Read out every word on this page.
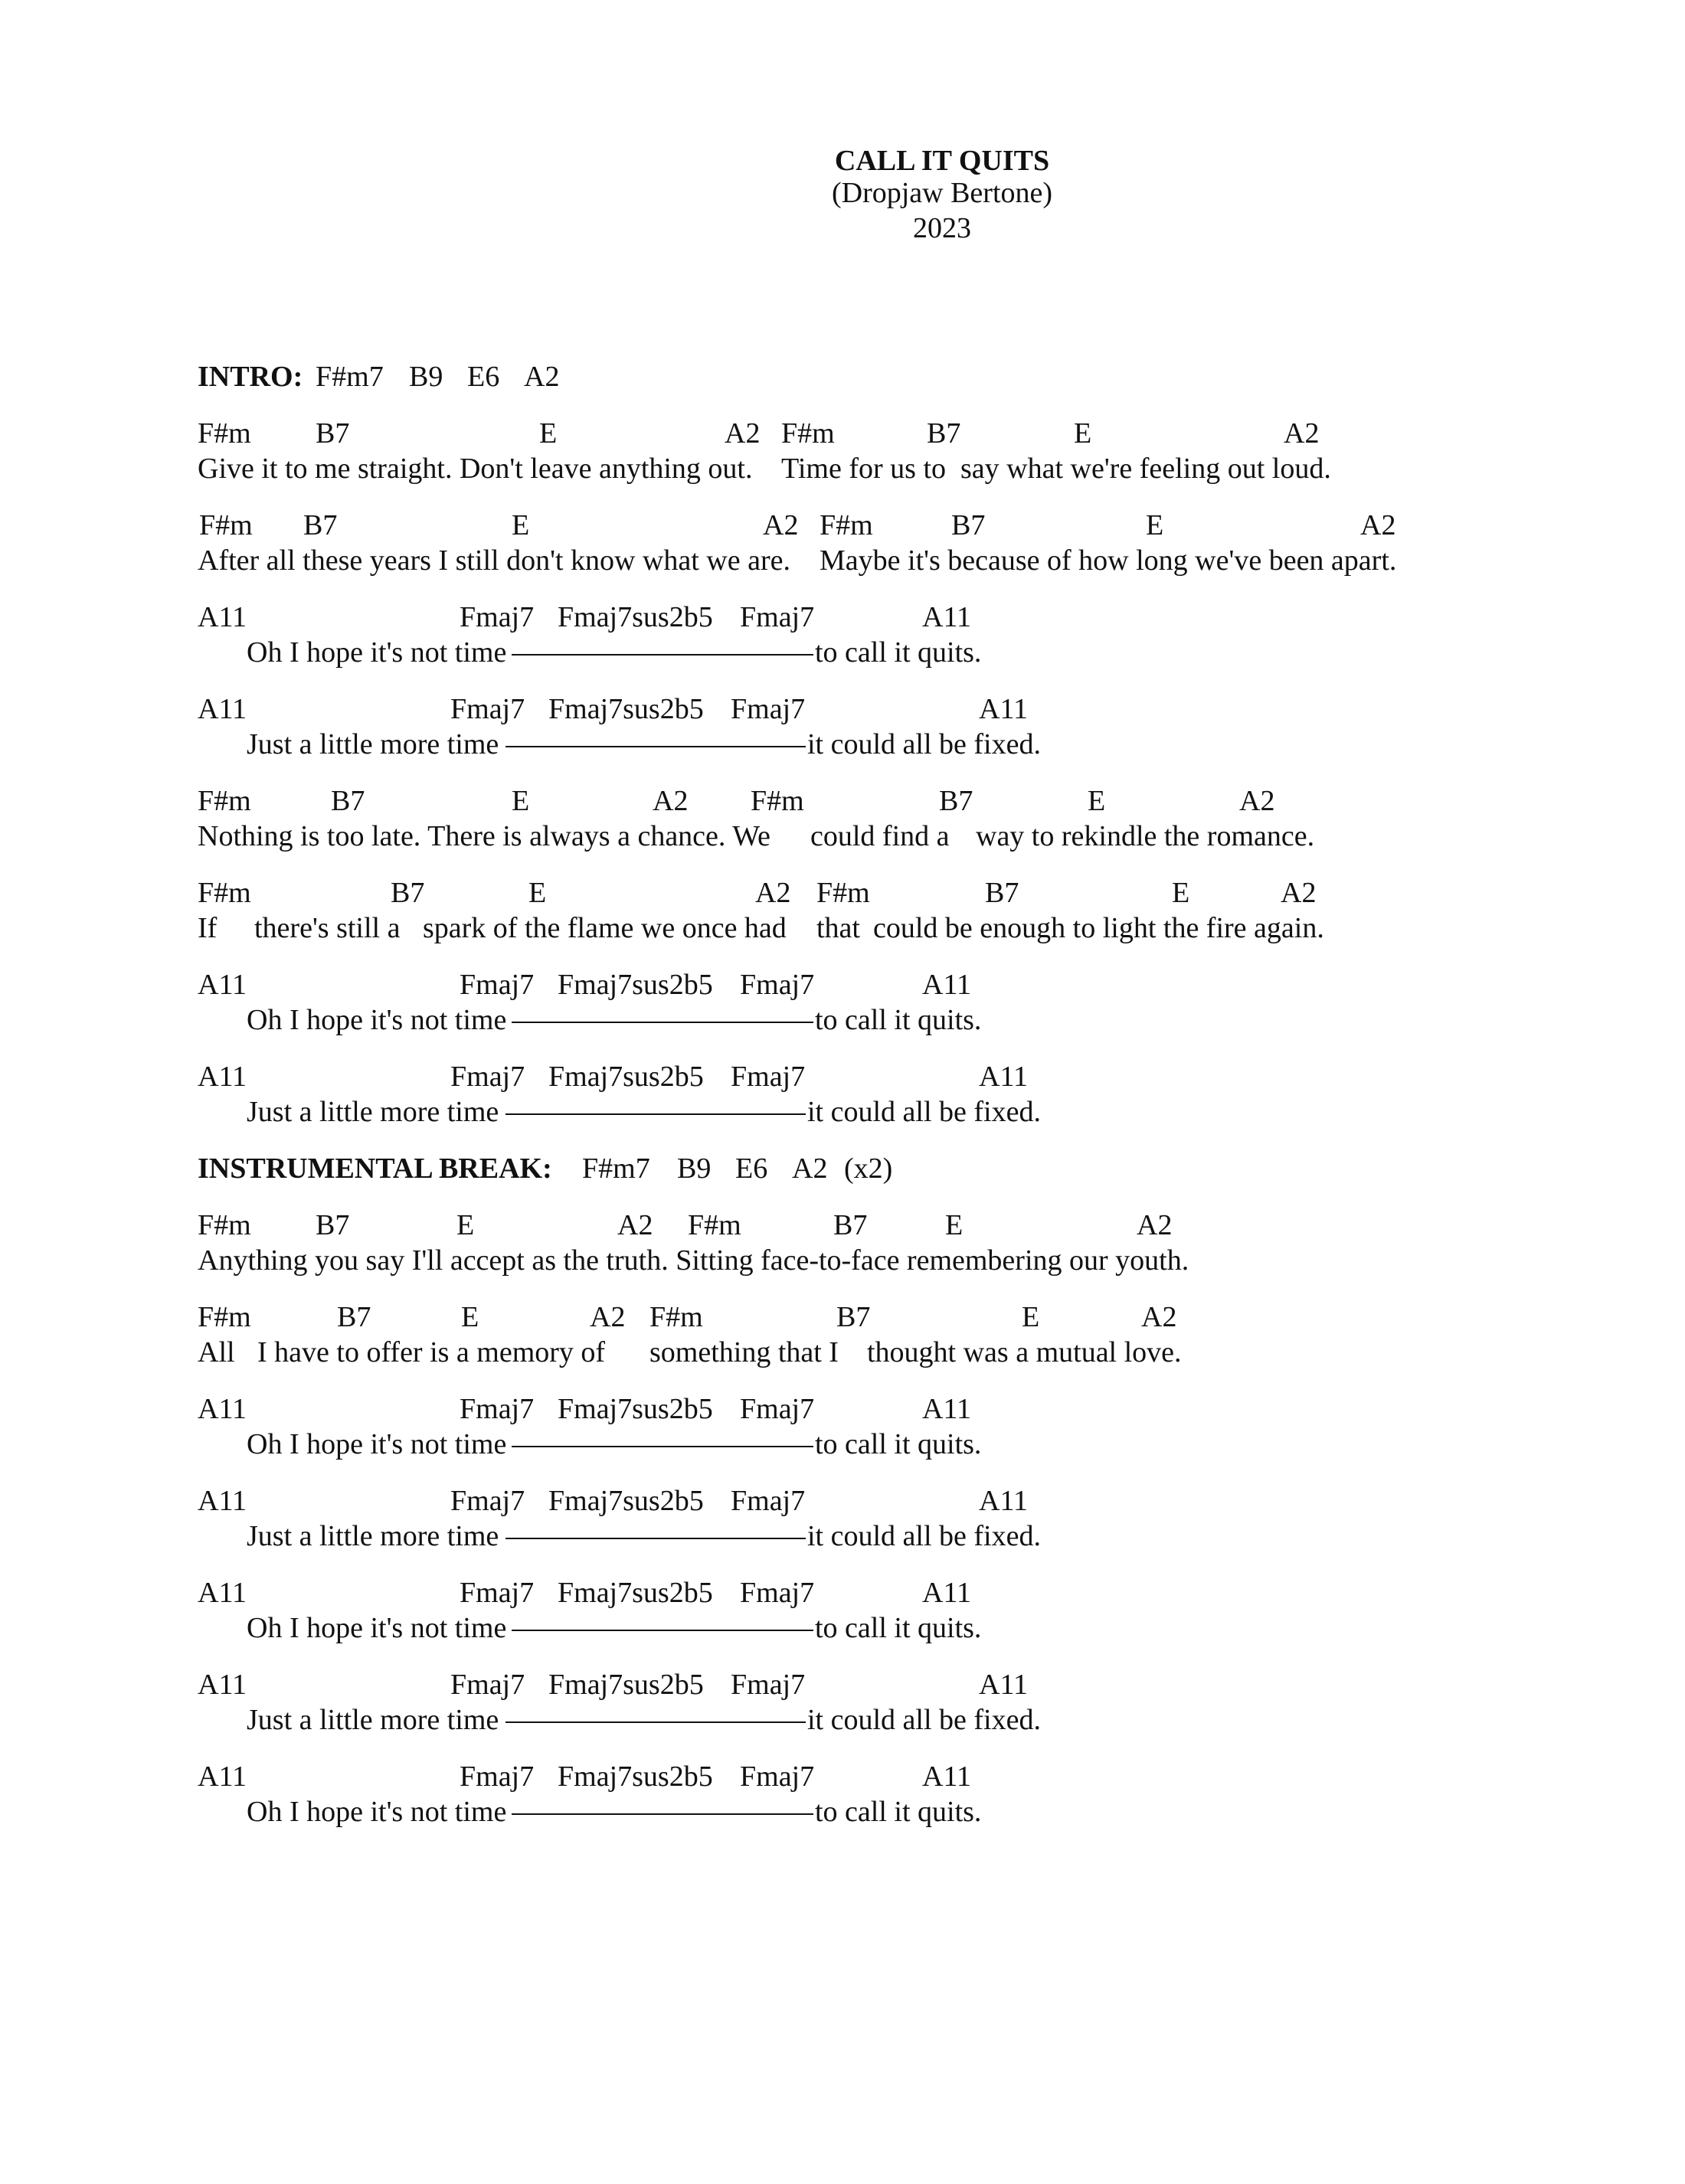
CALL IT QUITS
(Dropjaw Bertone)
2023
INTRO: F#m7 B9 E6 A2
F#m B7	E	A2 F#m	B7	E	A2
Give it to me straight. Don't leave anything out. Time for us to say what we're feeling out loud.
F#m B7	E	A2 F#m	B7	E	A2
After all these years I still don't know what we are. Maybe it's because of how long we've been apart.
A11	Fmaj7 Fmaj7sus2b5 Fmaj7	A11
Oh I hope it's not time	to call it quits.
A11	Fmaj7 Fmaj7sus2b5 Fmaj7	A11
Just a little more time	it could all be fixed.
F#m	B7	E	A2 F#m	B7	E	A2
Nothing is too late. There is always a chance. We could find a way to rekindle the romance.
F#m	B7	E	A2 F#m	B7	E	A2
If there's still a spark of the flame we once had that could be enough to light the fire again.
A11	Fmaj7 Fmaj7sus2b5 Fmaj7	A11
Oh I hope it's not time	to call it quits.
A11	Fmaj7 Fmaj7sus2b5 Fmaj7	A11
Just a little more time	it could all be fixed.
INSTRUMENTAL BREAK: F#m7 B9 E6 A2 (x2)
F#m B7	E	A2 F#m	B7	E	A2
Anything you say I'll accept as the truth. Sitting face-to-face remembering our youth.
F#m	B7	E	A2 F#m	B7	E	A2
All I have to offer is a memory of something that I thought was a mutual love.
A11	Fmaj7 Fmaj7sus2b5 Fmaj7	A11
Oh I hope it's not time	to call it quits.
A11	Fmaj7 Fmaj7sus2b5 Fmaj7	A11
Just a little more time	it could all be fixed.
A11	Fmaj7 Fmaj7sus2b5 Fmaj7	A11
Oh I hope it's not time	to call it quits.
A11	Fmaj7 Fmaj7sus2b5 Fmaj7	A11
Just a little more time	it could all be fixed.
A11	Fmaj7 Fmaj7sus2b5 Fmaj7	A11
Oh I hope it's not time	to call it quits.
